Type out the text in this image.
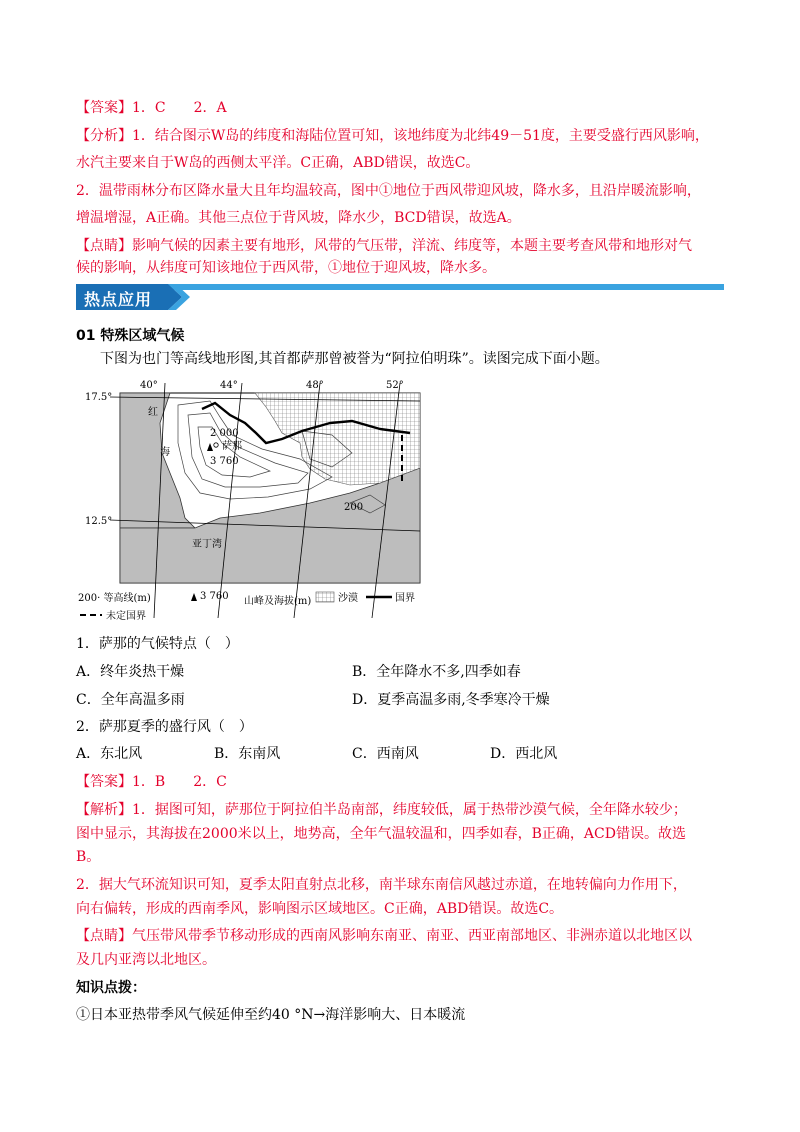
【答案】1．C　　2．A
【分析】1．结合图示W岛的纬度和海陆位置可知，该地纬度为北纬49－51度，主要受盛行西风影响，
水汽主要来自于W岛的西侧太平洋。C正确，ABD错误，故选C。
2．温带雨林分布区降水量大且年均温较高，图中①地位于西风带迎风坡，降水多，且沿岸暖流影响，
增温增湿，A正确。其他三点位于背风坡，降水少，BCD错误，故选A。
【点睛】影响气候的因素主要有地形，风带的气压带，洋流、纬度等，本题主要考查风带和地形对气
候的影响，从纬度可知该地位于西风带，①地位于迎风坡，降水多。
热点应用
01 特殊区域气候
下图为也门等高线地形图,其首都萨那曾被誉为“阿拉伯明珠”。读图完成下面小题。
17.5°
12.5°
40°	44°	48°	52°
红
海
亚丁湾
2 000
萨那
3 760
200
200· 等高线(m)	3 760 山峰及海拔(m)	沙漠	国界
未定国界
1．萨那的气候特点（　）
A．终年炎热干燥	B．全年降水不多,四季如春
C．全年高温多雨	D．夏季高温多雨,冬季寒冷干燥
2．萨那夏季的盛行风（　）
A．东北风	B．东南风	C．西南风	D．西北风
【答案】1．B　　2．C
【解析】1．据图可知，萨那位于阿拉伯半岛南部，纬度较低，属于热带沙漠气候，全年降水较少；
图中显示，其海拔在2000米以上，地势高，全年气温较温和，四季如春，B正确，ACD错误。故选
B。
2．据大气环流知识可知，夏季太阳直射点北移，南半球东南信风越过赤道，在地转偏向力作用下，
向右偏转，形成的西南季风，影响图示区域地区。C正确，ABD错误。故选C。
【点睛】气压带风带季节移动形成的西南风影响东南亚、南亚、西亚南部地区、非洲赤道以北地区以
及几内亚湾以北地区。
知识点拨：
①日本亚热带季风气候延伸至约40 °N→海洋影响大、日本暖流
